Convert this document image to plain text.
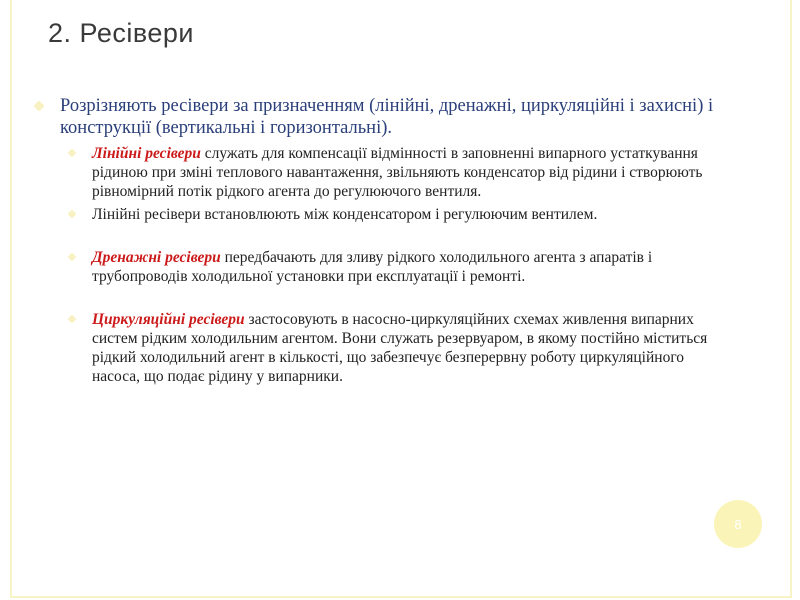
2. Ресівери
Розрізняють ресівери за призначенням (лінійні, дренажні, циркуляційні і захисні) і конструкції (вертикальні і горизонтальні).
Лінійні ресівери служать для компенсації відмінності в заповненні випарного устаткування рідиною при зміні теплового навантаження, звільняють конденсатор від рідини і створюють рівномірний потік рідкого агента до регулюючого вентиля.
Лінійні ресівери встановлюють між конденсатором і регулюючим вентилем.
Дренажні ресівери передбачають для зливу рідкого холодильного агента з апаратів і трубопроводів холодильної установки при експлуатації і ремонті.
Циркуляційні ресівери застосовують в насосно-циркуляційних схемах живлення випарних систем рідким холодильним агентом. Вони служать резервуаром, в якому постійно міститься рідкий холодильний агент в кількості, що забезпечує безперервну роботу циркуляційного насоса, що подає рідину у випарники.
8
